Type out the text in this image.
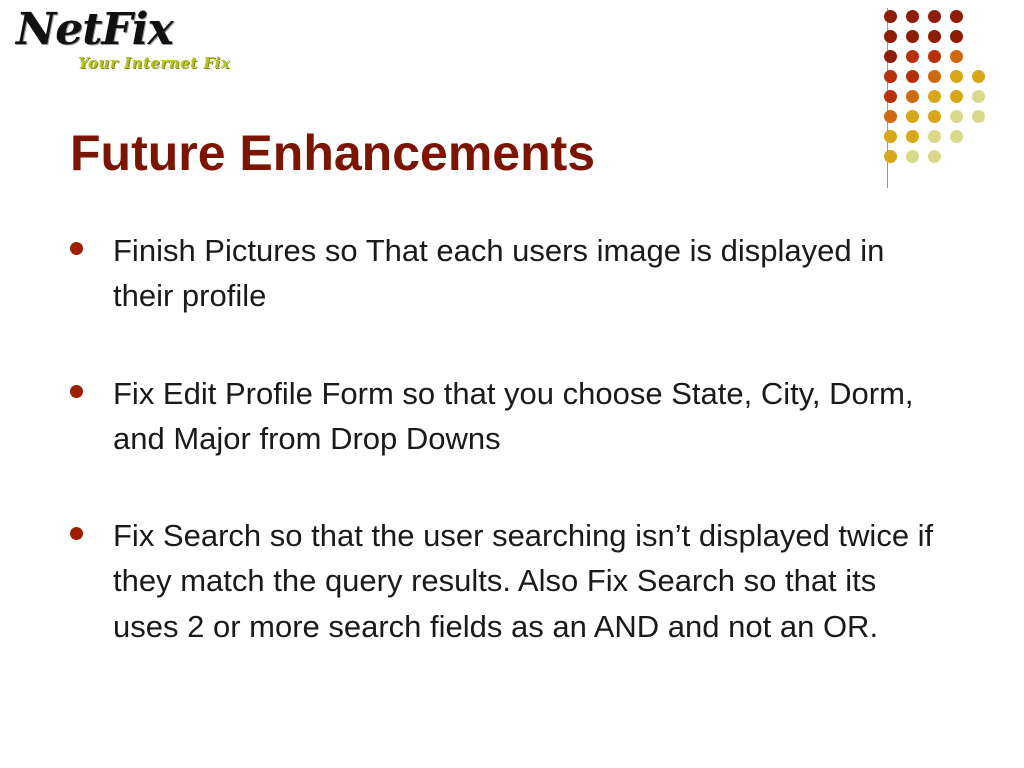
NetFix
Your Internet Fix
Future Enhancements
Finish Pictures so That each users image is displayed in their profile
Fix Edit Profile Form so that you choose State, City, Dorm, and Major from Drop Downs
Fix Search so that the user searching isn’t displayed twice if they match the query results. Also Fix Search so that its uses 2 or more search fields as an AND and not an OR.
